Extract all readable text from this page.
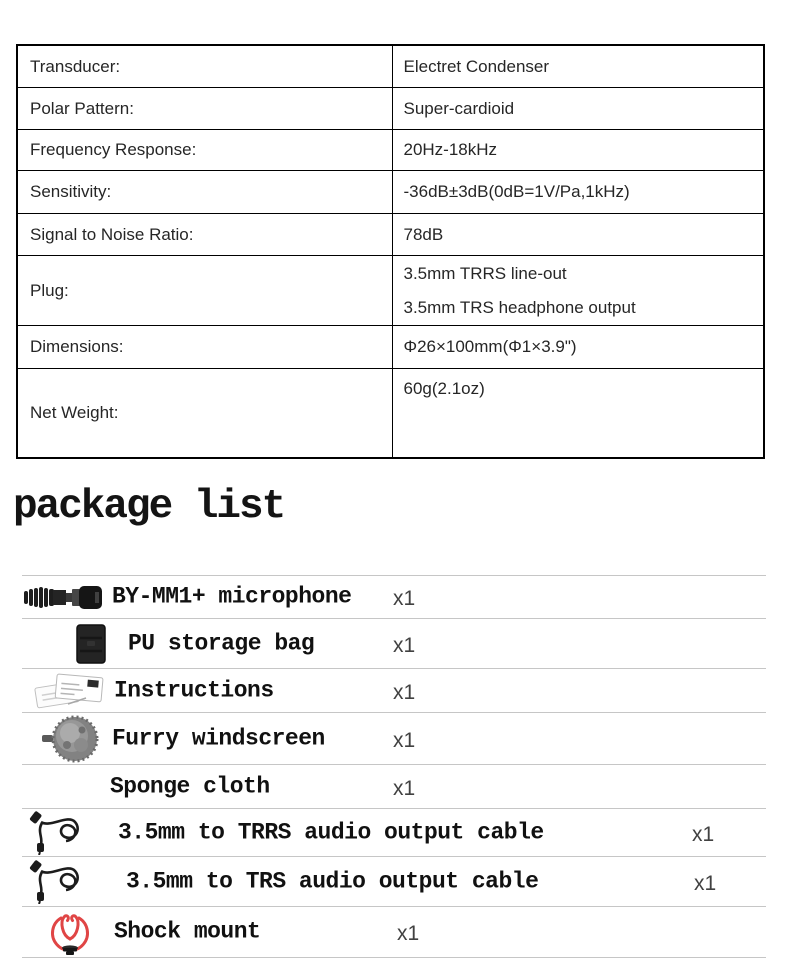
Transducer:	Electret Condenser
Polar Pattern:	Super-cardioid
Frequency Response:	20Hz-18kHz
Sensitivity:	-36dB±3dB(0dB=1V/Pa,1kHz)
Signal to Noise Ratio:	78dB
Plug:	3.5mm TRRS line-out
3.5mm TRS headphone output

Dimensions:	Φ26×100mm(Φ1×3.9")
Net Weight:	60g(2.1oz)
package list
BY-MM1+ microphone x1
PU storage bag	x1
Instructions	x1
Furry windscreen	x1
Sponge cloth	x1
3.5mm to TRRS audio output cable	x1
3.5mm to TRS audio output cable	x1
Shock mount	x1
